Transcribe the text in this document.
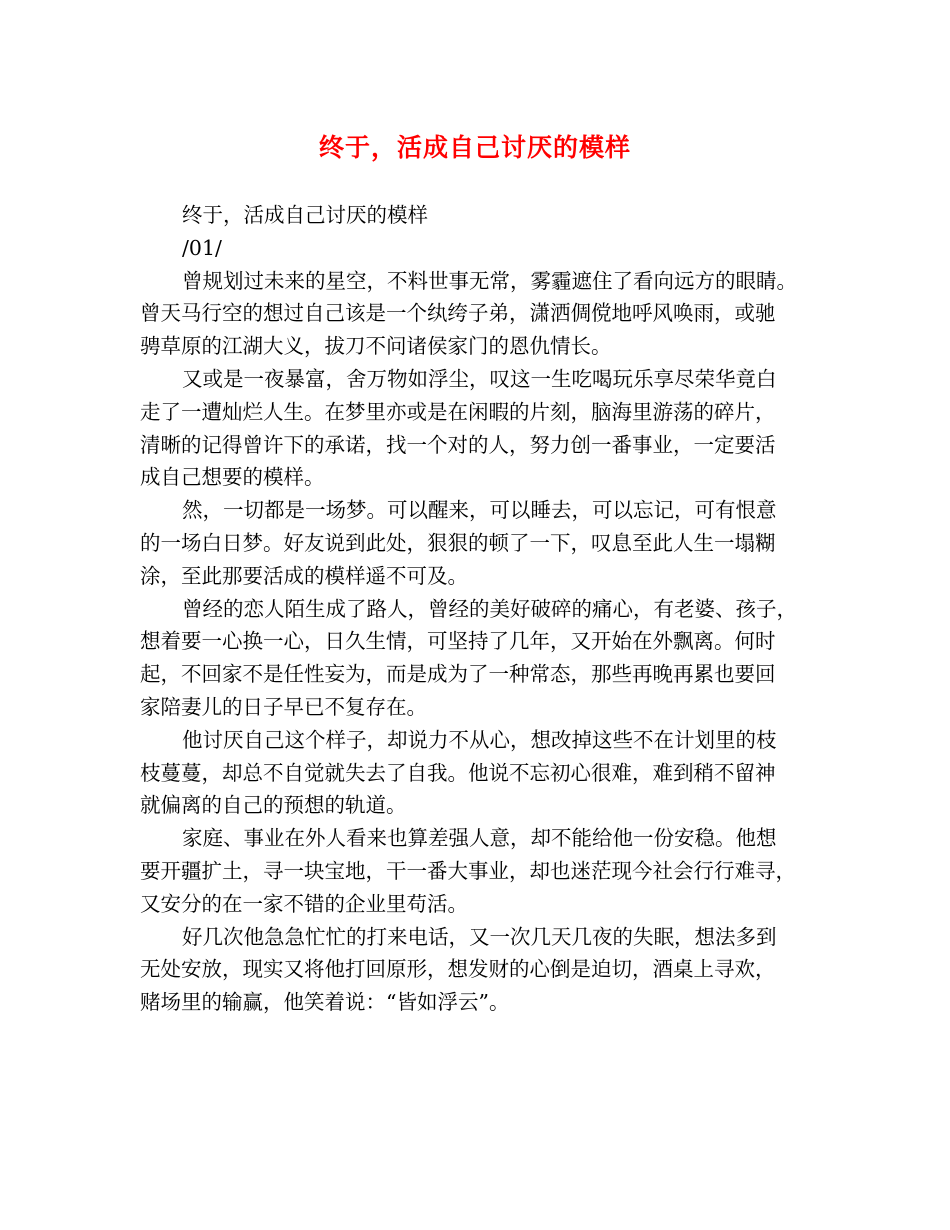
终于，活成自己讨厌的模样
终于，活成自己讨厌的模样
/01/
曾规划过未来的星空，不料世事无常，雾霾遮住了看向远方的眼睛。
曾天马行空的想过自己该是一个纨绔子弟，潇洒倜傥地呼风唤雨，或驰
骋草原的江湖大义，拔刀不问诸侯家门的恩仇情长。
又或是一夜暴富，舍万物如浮尘，叹这一生吃喝玩乐享尽荣华竟白
走了一遭灿烂人生。在梦里亦或是在闲暇的片刻，脑海里游荡的碎片，
清晰的记得曾许下的承诺，找一个对的人，努力创一番事业，一定要活
成自己想要的模样。
然，一切都是一场梦。可以醒来，可以睡去，可以忘记，可有恨意
的一场白日梦。好友说到此处，狠狠的顿了一下，叹息至此人生一塌糊
涂，至此那要活成的模样遥不可及。
曾经的恋人陌生成了路人，曾经的美好破碎的痛心，有老婆、孩子，
想着要一心换一心，日久生情，可坚持了几年，又开始在外飘离。何时
起，不回家不是任性妄为，而是成为了一种常态，那些再晚再累也要回
家陪妻儿的日子早已不复存在。
他讨厌自己这个样子，却说力不从心，想改掉这些不在计划里的枝
枝蔓蔓，却总不自觉就失去了自我。他说不忘初心很难，难到稍不留神
就偏离的自己的预想的轨道。
家庭、事业在外人看来也算差强人意，却不能给他一份安稳。他想
要开疆扩土，寻一块宝地，干一番大事业，却也迷茫现今社会行行难寻，
又安分的在一家不错的企业里苟活。
好几次他急急忙忙的打来电话，又一次几天几夜的失眠，想法多到
无处安放，现实又将他打回原形，想发财的心倒是迫切，酒桌上寻欢，
赌场里的输赢，他笑着说：“皆如浮云”。
